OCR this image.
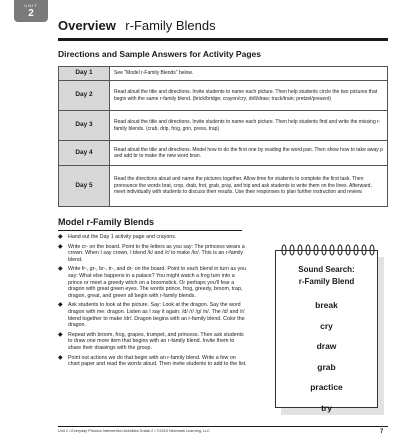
UNIT
2
Overview r-Family Blends
Directions and Sample Answers for Activity Pages
Day 1	See "Model r-Family Blends" below.
Day 2	Read aloud the title and directions. Invite students to name each picture. Then help students circle the two pictures that begin with the same r-family blend. (brick/bridge; crayon/cry; drill/draw; truck/train; pretzel/present)
Day 3	Read aloud the title and directions. Invite students to name each picture. Then help students find and write the missing r-family blends. (crab, drip, frog, grin, press, trap)
Day 4	Read aloud the title and directions. Model how to do the first one by reading the word pan. Then show how to take away p and add br to make the new word bran.
Day 5	Read the directions aloud and name the pictures together. Allow time for students to complete the first task. Then pronounce the words brat, crop, drab, fret, grab, pray, and trip and ask students to write them on the lines. Afterward, meet individually with students to discuss their results. Use their responses to plan further instruction and review.
Model r-Family Blends
◆ Hand out the Day 1 activity page and crayons.
◆ Write cr- on the board. Point to the letters as you say: The princess wears a crown. When I say crown, I blend /k/ and /r/ to make /kr/. This is an r-family blend.
◆ Write fr-, gr-, br-, tr-, and dr- on the board. Point to each blend in turn as you say: What else happens in a palace? You might watch a frog turn into a prince or meet a greedy witch on a broomstick. Or perhaps you'll fear a dragon with great green eyes. The words prince, frog, greedy, broom, trap, dragon, great, and green all begin with r-family blends.
◆ Ask students to look at the picture. Say: Look at the dragon. Say the word dragon with me: dragon. Listen as I say it again: /d/ /r/ /g/ /n/. The /d/ and /r/ blend together to make /dr/. Dragon begins with an r-family blend. Color the dragon.
◆ Repeat with broom, frog, grapes, trumpet, and princess. Then ask students to draw one more item that begins with an r-family blend. Invite them to share their drawings with the group.
◆ Point out actions we do that begin with an r-family blend. Write a few on chart paper and read the words aloud. Then invite students to add to the list.
Sound Search:
r-Family Blend
break
cry
draw
grab
practice
try
Unit 2 • Everyday Phonics Intervention Activities Grade 2 • ©2010 Newmark Learning, LLC	7
